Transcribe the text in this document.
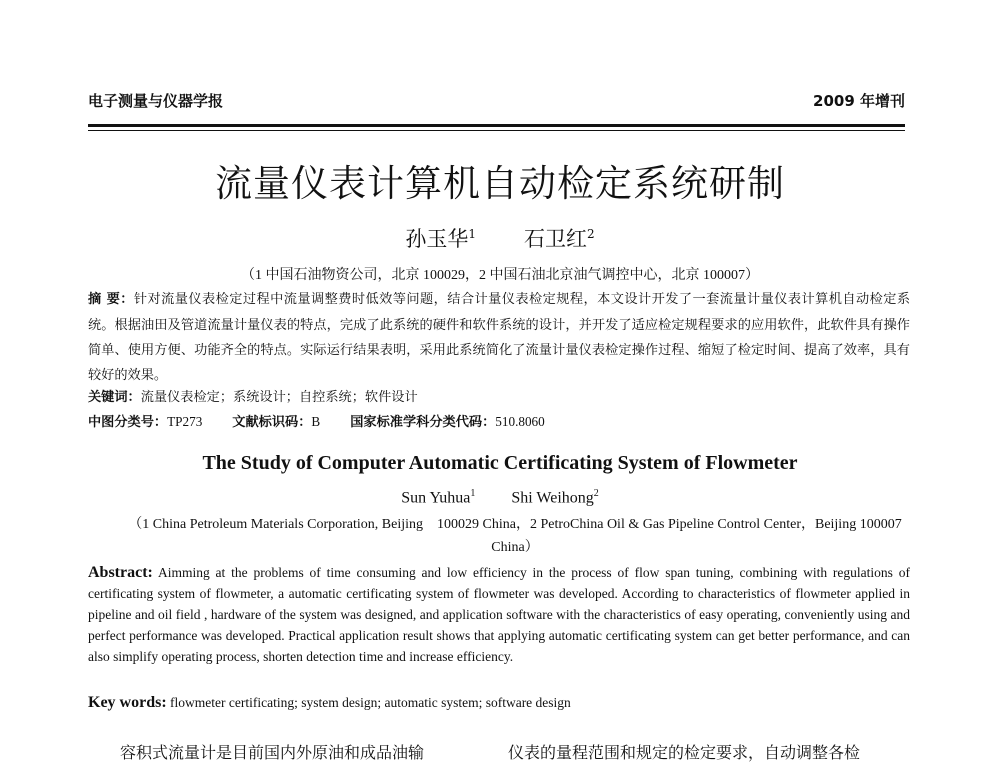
电子测量与仪器学报	2009 年增刊
流量仪表计算机自动检定系统研制
孙玉华$^1$ 石卫红$^2$
（1 中国石油物资公司，北京 100029，2 中国石油北京油气调控中心，北京 100007）
摘 要：针对流量仪表检定过程中流量调整费时低效等问题，结合计量仪表检定规程，本文设计开发了一套流量计量仪表计算机自动检定系统。根据油田及管道流量计量仪表的特点，完成了此系统的硬件和软件系统的设计，并开发了适应检定规程要求的应用软件，此软件具有操作简单、使用方便、功能齐全的特点。实际运行结果表明，采用此系统简化了流量计量仪表检定操作过程、缩短了检定时间、提高了效率，具有较好的效果。
关键词：流量仪表检定；系统设计；自控系统；软件设计
中图分类号：TP273 文献标识码：B 国家标准学科分类代码：510.8060
The Study of Computer Automatic Certificating System of Flowmeter
Sun Yuhua$^1$ Shi Weihong$^2$
（1 China Petroleum Materials Corporation, Beijing　100029 China，2 PetroChina Oil & Gas Pipeline Control Center，Beijing 100007 China）
Abstract: Aimming at the problems of time consuming and low efficiency in the process of flow span tuning, combining with regulations of certificating system of flowmeter, a automatic certificating system of flowmeter was developed. According to characteristics of flowmeter applied in pipeline and oil field , hardware of the system was designed, and application software with the characteristics of easy operating, conveniently using and perfect performance was developed. Practical application result shows that applying automatic certificating system can get better performance, and can also simplify operating process, shorten detection time and increase efficiency.
Key words: flowmeter certificating; system design; automatic system; software design
容积式流量计是目前国内外原油和成品油输	仪表的量程范围和规定的检定要求，自动调整各检
